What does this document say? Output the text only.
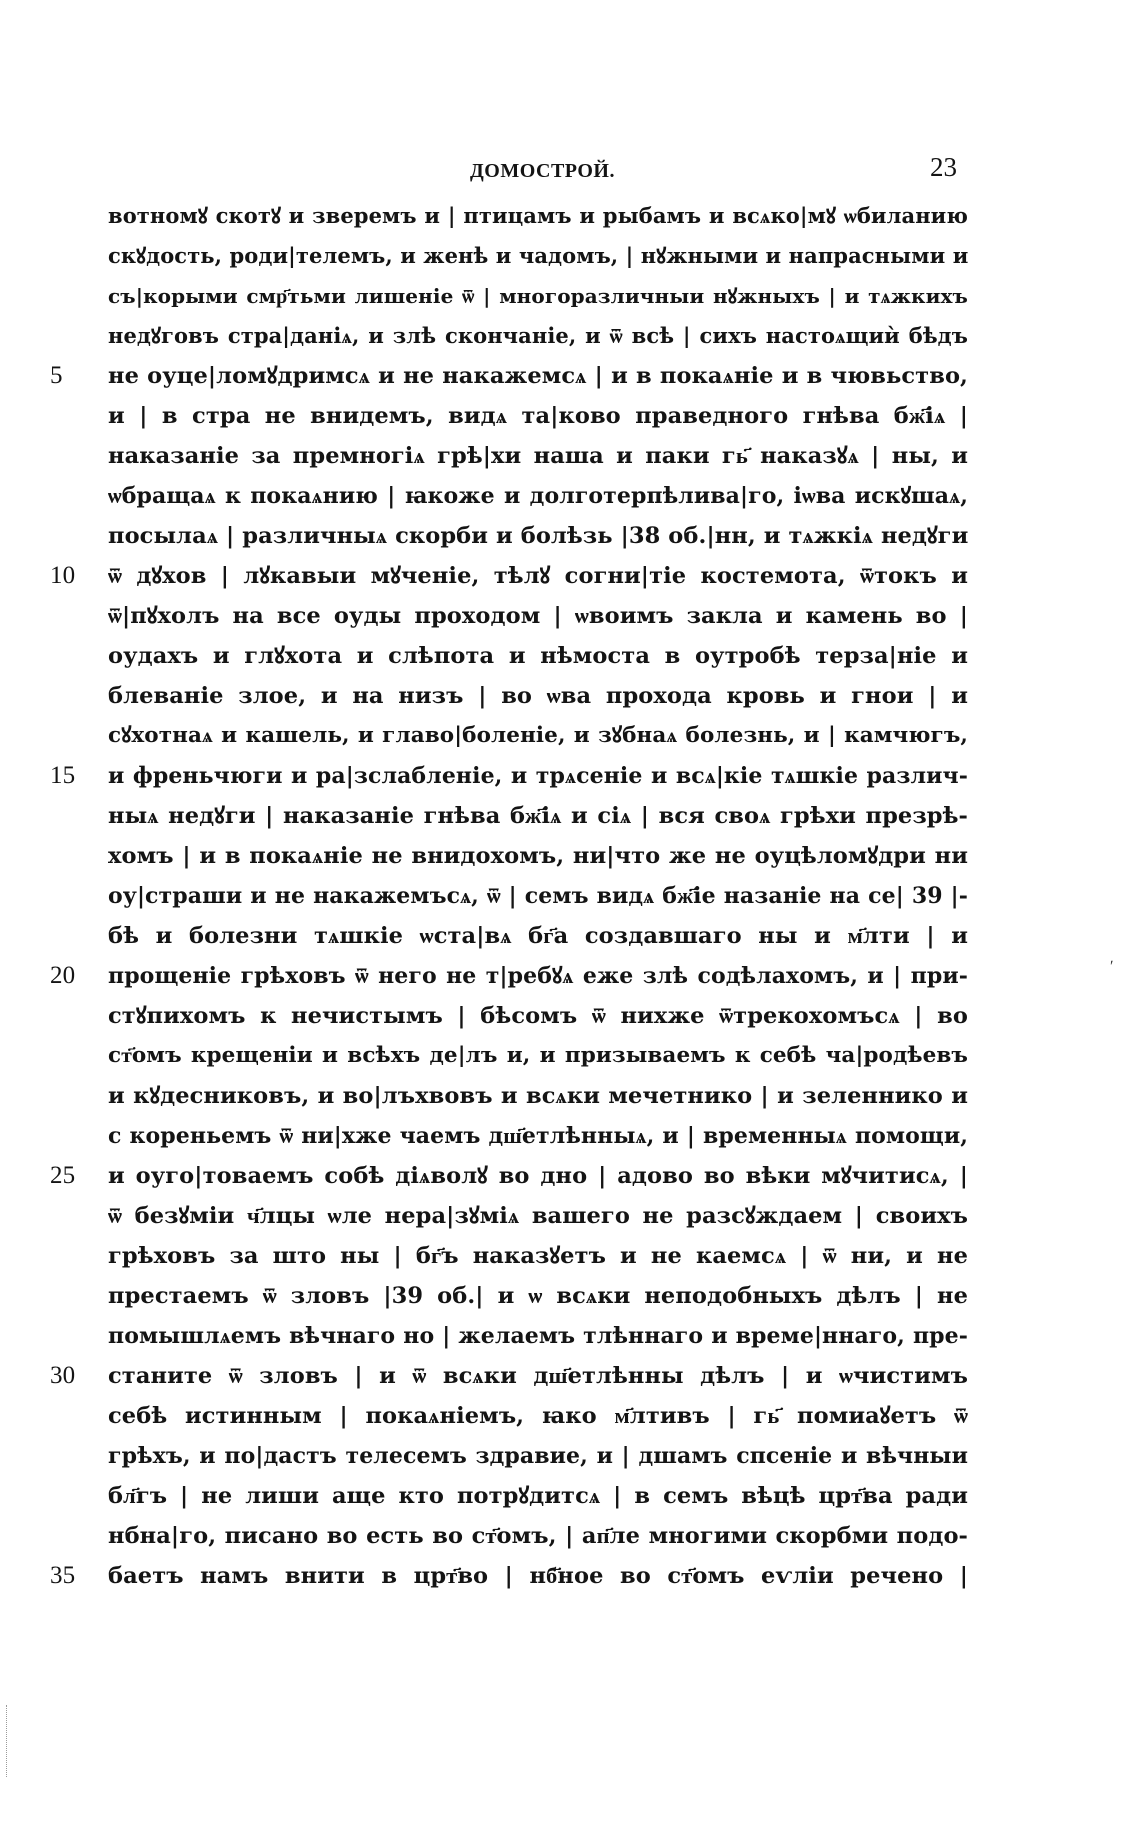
ДОМОСТРОЙ.	23
вотномꙋ скотꙋ и зверемъ и | птицамъ и рыбамъ и всѧко|мꙋ ѡбиланию
скꙋдость, роди|телемъ, и женѣ и чадомъ, | нꙋжными и напрасными и
съ|корыми смр҃тьми лишенiе ѿ | многоразличныи нꙋжныхъ | и тѧжкихъ
недꙋговъ стра|данiѧ, и злѣ скончанiе, и ѿ всѣ | сихъ настоѧщиѝ бѣдъ
5	не оуце|ломꙋдримсѧ и не накажемсѧ | и в покаѧнiе и в чювьство,
и | в стра не внидемъ, видѧ та|ково праведного гнѣва бж҃iѧ |
наказанiе за премногiѧ грѣ|хи наша и паки гь҃ наказꙋѧ | ны, и
ѡбращаѧ к покаѧнию | ꙗкоже и долготерпѣлива|го, iѡва искꙋшаѧ,
посылаѧ | различныѧ скорби и болѣзь |38 об.|нн, и тѧжкiѧ недꙋги
10	ѿ дꙋхов | лꙋкавыи мꙋченiе, тѣлꙋ согни|тiе костемота, ѿтокъ и
ѿ|пꙋхолъ на все оуды проходом | ѡвоимъ закла и камень во |
оудахъ и глꙋхота и слѣпота и нѣмоста в оутробѣ терза|нiе и
блеванiе злое, и на низъ | во ѡва прохода кровь и гнои | и
сꙋхотнаѧ и кашель, и главо|боленiе, и зꙋбнаѧ болезнь, и | камчюгъ,
15	и френьчюги и ра|зслабленiе, и трѧсенiе и всѧ|кiе тѧшкiе различ-
ныѧ недꙋги | наказанiе гнѣва бж҃iѧ и сiѧ | вся своѧ грѣхи презрѣ-
хомъ | и в покаѧнiе не внидохомъ, ни|что же не оуцѣломꙋдри ни
оу|страши и не накажемъсѧ, ѿ | семъ видѧ бж҃iе назанiе на се| 39 |-
бѣ и болезни тѧшкiе ѡста|вѧ бг҃а создавшаго ны и м҃лти | и
20	прощенiе грѣховъ ѿ него не т|ребꙋѧ еже злѣ содѣлахомъ, и | при-
стꙋпихомъ к нечистымъ | бѣсомъ ѿ нихже ѿтрекохомъсѧ | во
ст҃омъ крещенiи и всѣхъ де|лъ и, и призываемъ к себѣ ча|родѣевъ
и кꙋдесниковъ, и во|лъхвовъ и всѧки мечетнико | и зеленнико и
с кореньемъ ѿ ни|хже чаемъ дш҃етлѣнныѧ, и | временныѧ помощи,
25	и оуго|товаемъ собѣ дiѧволꙋ во дно | адово во вѣки мꙋчитисѧ, |
ѿ безꙋмiи ч҃лцы ѡле нера|зꙋмiѧ вашего не разсꙋждаем | своихъ
грѣховъ за што ны | бг҃ъ наказꙋетъ и не каемсѧ | ѿ ни, и не
престаемъ ѿ зловъ |39 об.| и ѡ всѧки неподобныхъ дѣлъ | не
помышлѧемъ вѣчнаго но | желаемъ тлѣннаго и време|ннаго, пре-
30	станите ѿ зловъ | и ѿ всѧки дш҃етлѣнны дѣлъ | и ѡчистимъ
себѣ истинным | покаѧнiемъ, ꙗко м҃лтивъ | гь҃ помиаꙋетъ ѿ
грѣхъ, и по|дастъ телесемъ здравие, и | дшамъ спсенiе и вѣчныи
бл҃гъ | не лиши аще кто потрꙋдитсѧ | в семъ вѣцѣ црт҃ва ради
нбна|го, писано во есть во ст҃омъ, | ап҃ле многими скорбми подо-
35	баетъ намъ внити в црт҃во | нб҃ное во ст҃омъ еѵлiи речено |
ʹ
